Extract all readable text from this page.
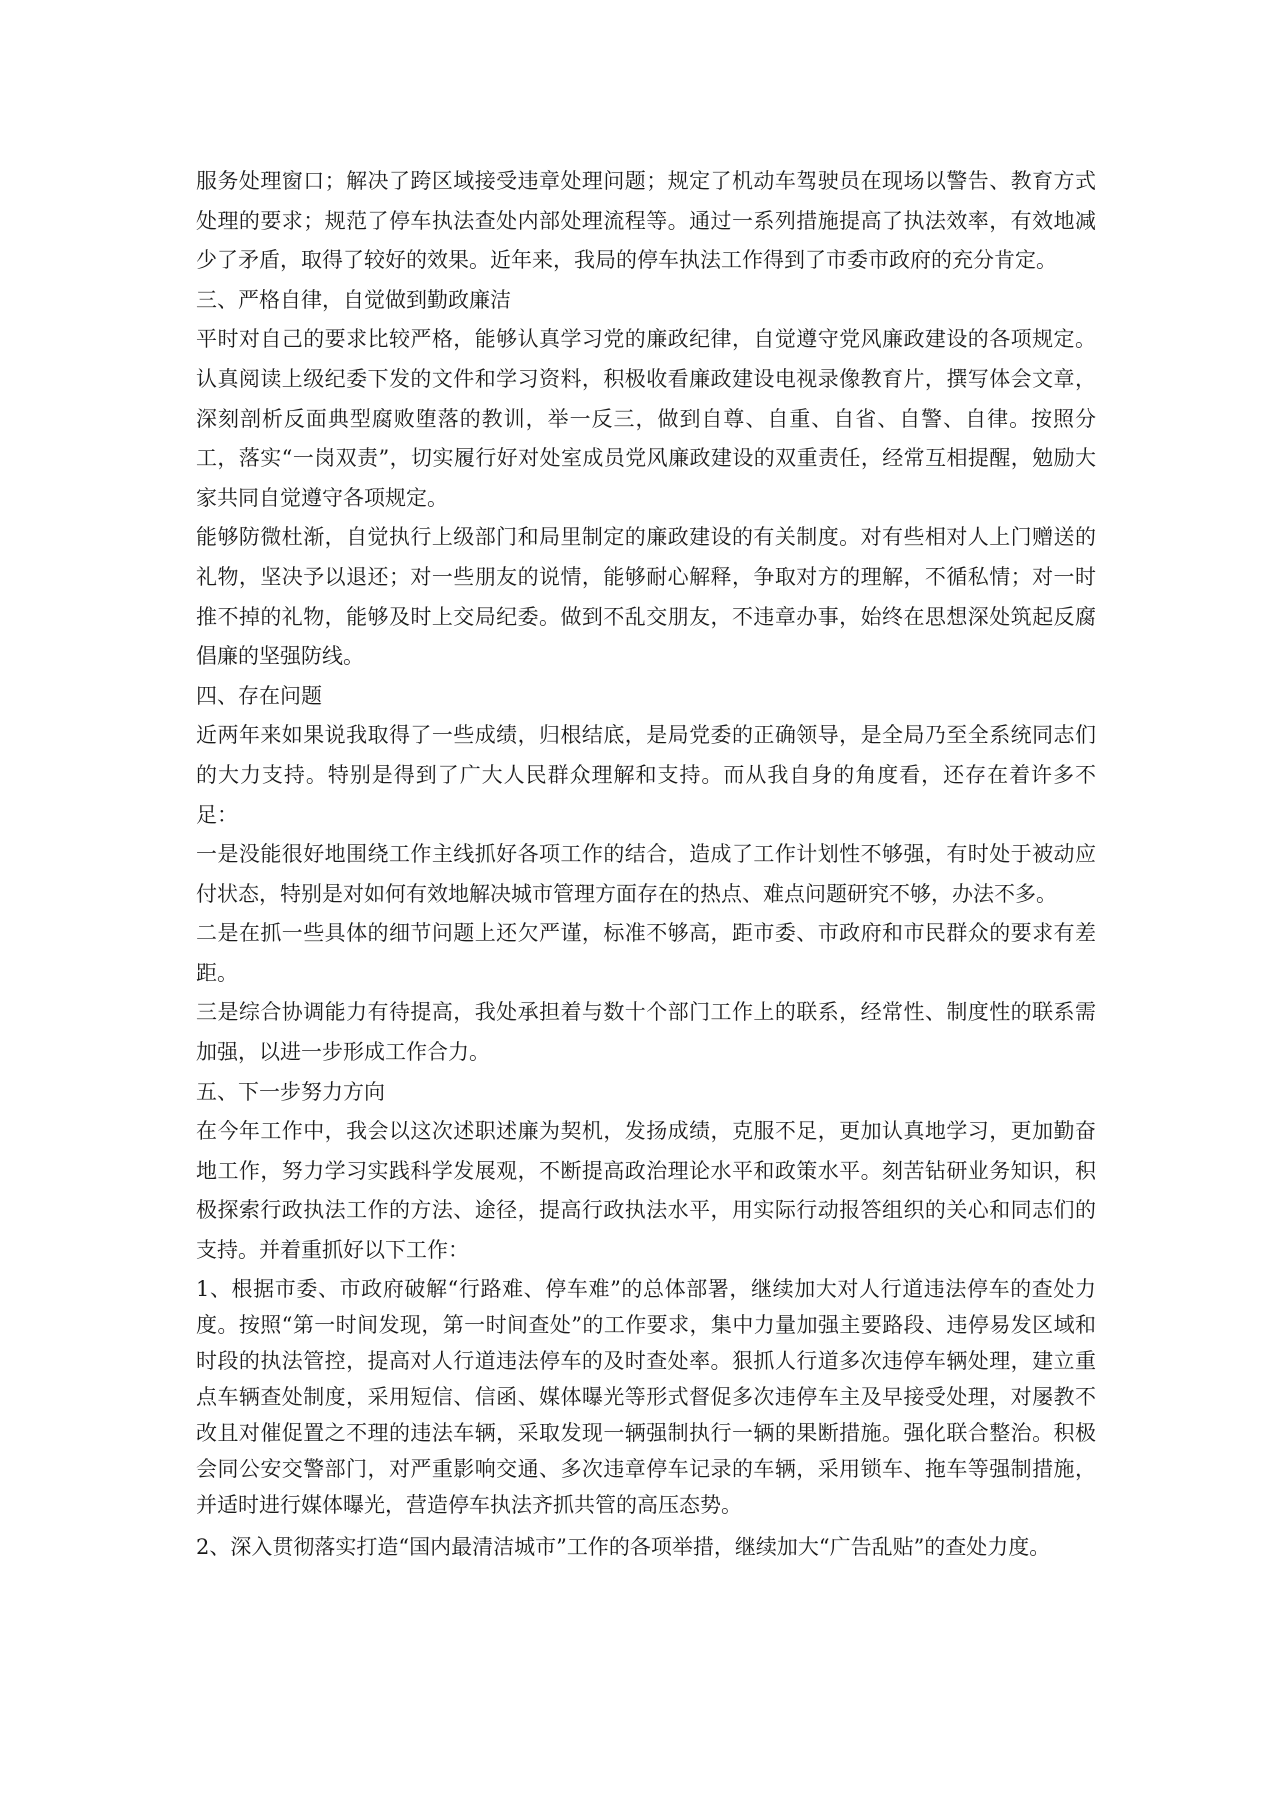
服务处理窗口；解决了跨区域接受违章处理问题；规定了机动车驾驶员在现场以警告、教育方式处理的要求；规范了停车执法查处内部处理流程等。通过一系列措施提高了执法效率，有效地减少了矛盾，取得了较好的效果。近年来，我局的停车执法工作得到了市委市政府的充分肯定。

三、严格自律，自觉做到勤政廉洁

平时对自己的要求比较严格，能够认真学习党的廉政纪律，自觉遵守党风廉政建设的各项规定。认真阅读上级纪委下发的文件和学习资料，积极收看廉政建设电视录像教育片，撰写体会文章，深刻剖析反面典型腐败堕落的教训，举一反三，做到自尊、自重、自省、自警、自律。按照分工，落实“一岗双责”，切实履行好对处室成员党风廉政建设的双重责任，经常互相提醒，勉励大家共同自觉遵守各项规定。

能够防微杜渐，自觉执行上级部门和局里制定的廉政建设的有关制度。对有些相对人上门赠送的礼物，坚决予以退还；对一些朋友的说情，能够耐心解释，争取对方的理解，不循私情；对一时推不掉的礼物，能够及时上交局纪委。做到不乱交朋友，不违章办事，始终在思想深处筑起反腐倡廉的坚强防线。

四、存在问题

近两年来如果说我取得了一些成绩，归根结底，是局党委的正确领导，是全局乃至全系统同志们的大力支持。特别是得到了广大人民群众理解和支持。而从我自身的角度看，还存在着许多不足：

一是没能很好地围绕工作主线抓好各项工作的结合，造成了工作计划性不够强，有时处于被动应付状态，特别是对如何有效地解决城市管理方面存在的热点、难点问题研究不够，办法不多。

二是在抓一些具体的细节问题上还欠严谨，标准不够高，距市委、市政府和市民群众的要求有差距。

三是综合协调能力有待提高，我处承担着与数十个部门工作上的联系，经常性、制度性的联系需加强，以进一步形成工作合力。

五、下一步努力方向

在今年工作中，我会以这次述职述廉为契机，发扬成绩，克服不足，更加认真地学习，更加勤奋地工作，努力学习实践科学发展观，不断提高政治理论水平和政策水平。刻苦钻研业务知识，积极探索行政执法工作的方法、途径，提高行政执法水平，用实际行动报答组织的关心和同志们的支持。并着重抓好以下工作：

1、根据市委、市政府破解“行路难、停车难”的总体部署，继续加大对人行道违法停车的查处力度。按照“第一时间发现，第一时间查处”的工作要求，集中力量加强主要路段、违停易发区域和时段的执法管控，提高对人行道违法停车的及时查处率。狠抓人行道多次违停车辆处理，建立重点车辆查处制度，采用短信、信函、媒体曝光等形式督促多次违停车主及早接受处理，对屡教不改且对催促置之不理的违法车辆，采取发现一辆强制执行一辆的果断措施。强化联合整治。积极会同公安交警部门，对严重影响交通、多次违章停车记录的车辆，采用锁车、拖车等强制措施，并适时进行媒体曝光，营造停车执法齐抓共管的高压态势。

2、深入贯彻落实打造“国内最清洁城市”工作的各项举措，继续加大“广告乱贴”的查处力度。
